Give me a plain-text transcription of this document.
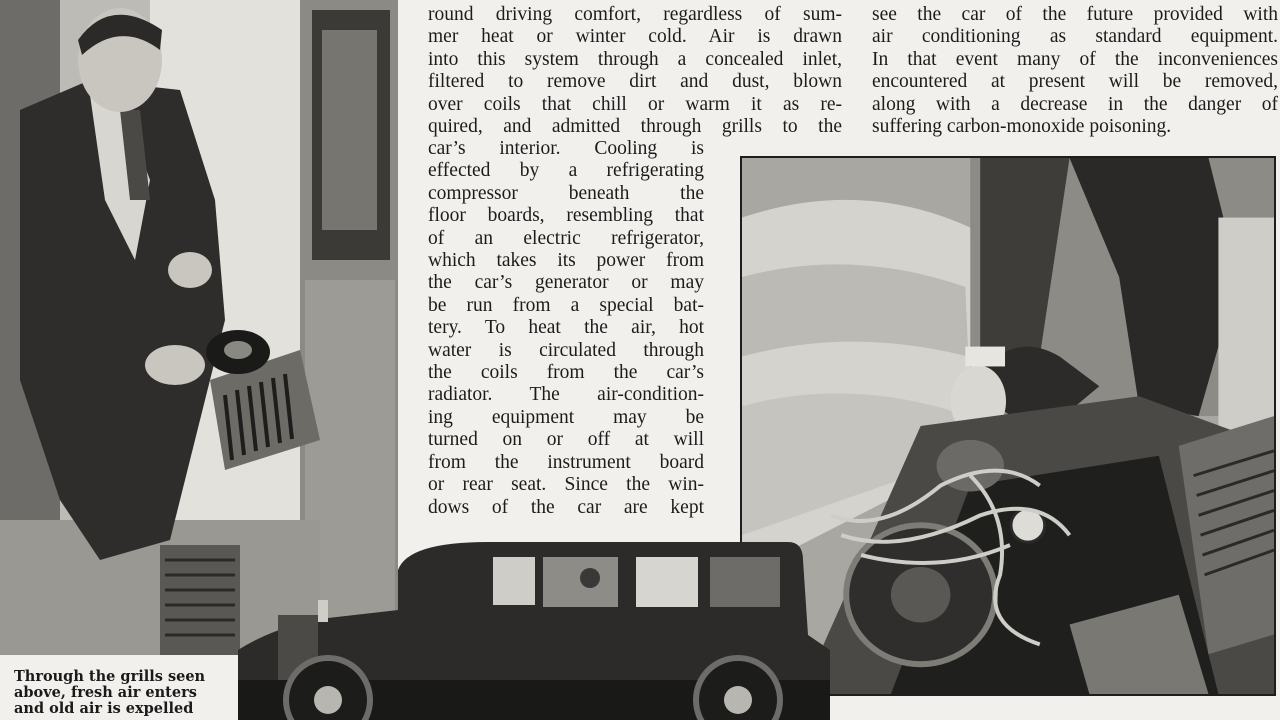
round driving comfort, regardless of sum-
mer heat or winter cold. Air is drawn
into this system through a concealed inlet,
filtered to remove dirt and dust, blown
over coils that chill or warm it as re-
quired, and admitted through grills to the
car’s interior. Cooling is
effected by a refrigerating
compressor beneath the
floor boards, resembling that
of an electric refrigerator,
which takes its power from
the car’s generator or may
be run from a special bat-
tery. To heat the air, hot
water is circulated through
the coils from the car’s
radiator. The air-condition-
ing equipment may be
turned on or off at will
from the instrument board
or rear seat. Since the win-
dows of the car are kept
see the car of the future provided with
air conditioning as standard equipment.
In that event many of the inconveniences
encountered at present will be removed,
along with a decrease in the danger of
suffering carbon-monoxide poisoning.
Through the grills seen
above, fresh air enters
and old air is expelled
